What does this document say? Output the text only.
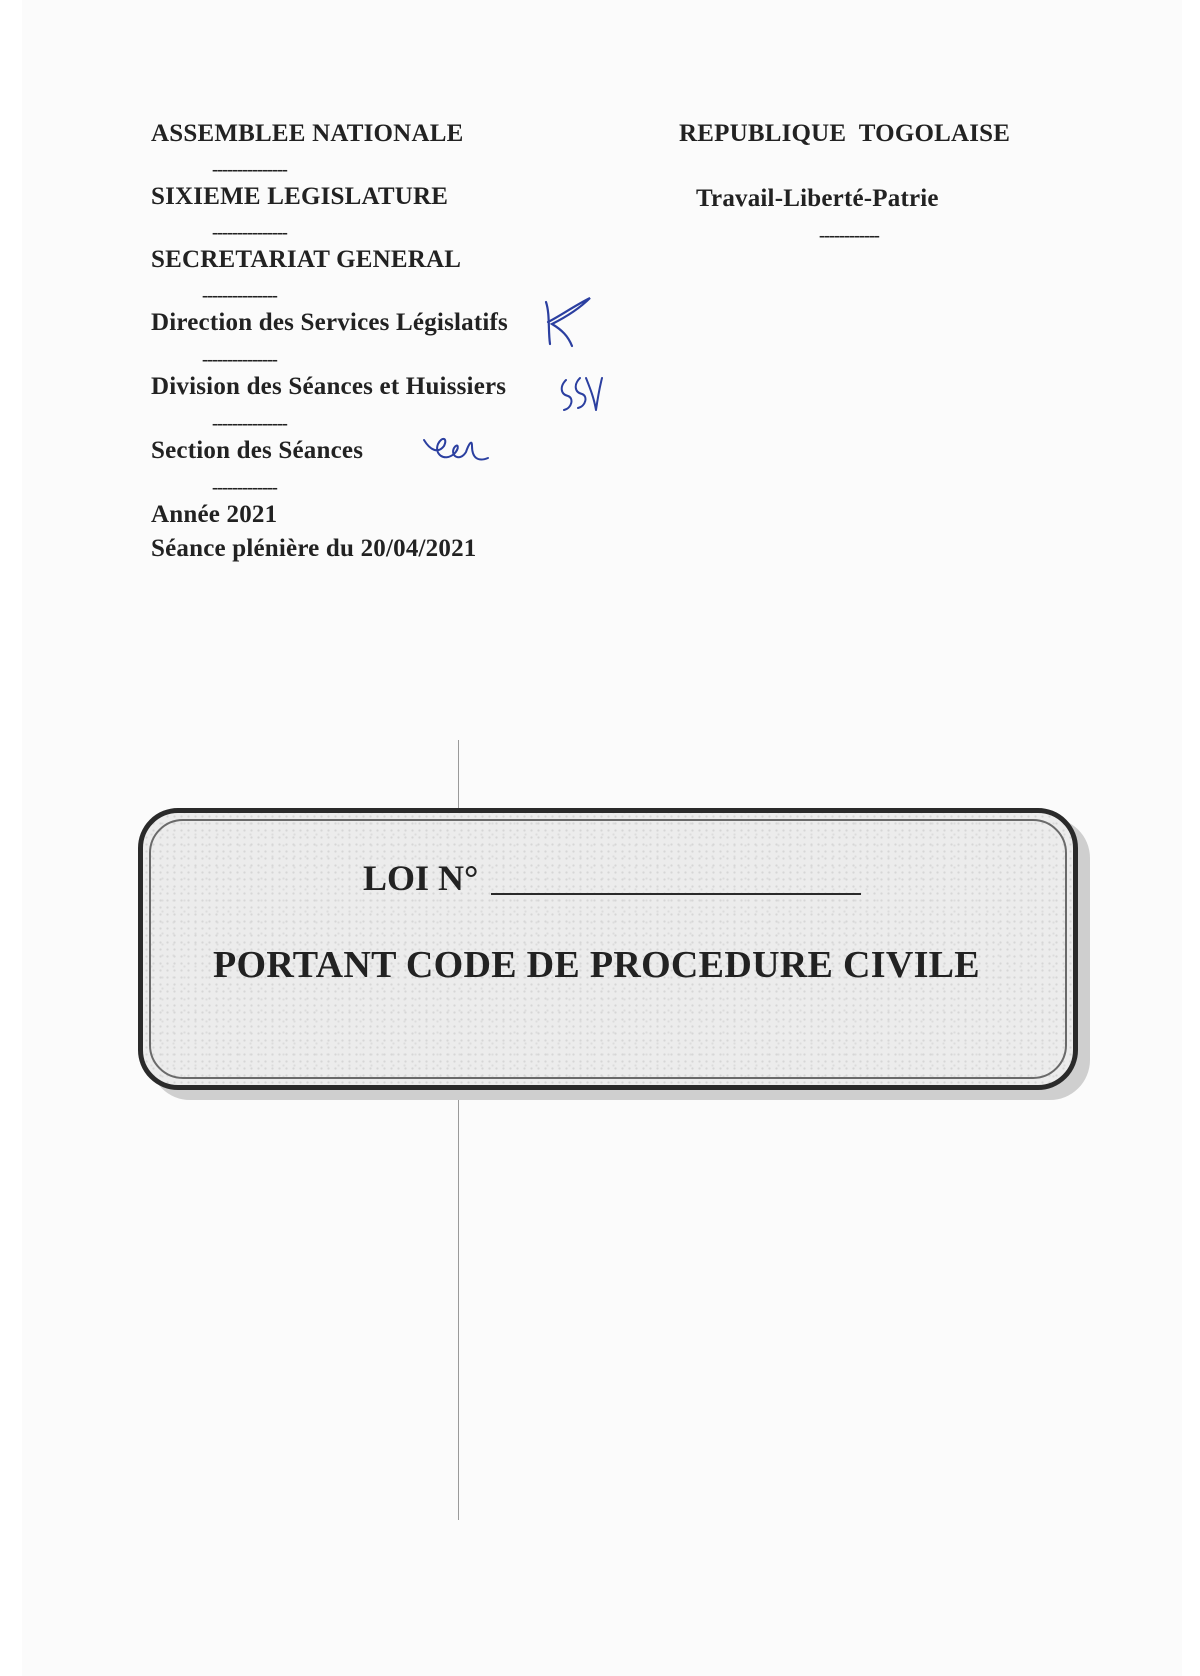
ASSEMBLEE NATIONALE
---------------
SIXIEME LEGISLATURE
---------------
SECRETARIAT GENERAL
---------------
Direction des Services Législatifs
---------------
Division des Séances et Huissiers
---------------
Section des Séances
-------------
Année 2021
Séance plénière du 20/04/2021
REPUBLIQUE  TOGOLAISE
Travail-Liberté-Patrie
------------
LOI N°
PORTANT CODE DE PROCEDURE CIVILE
